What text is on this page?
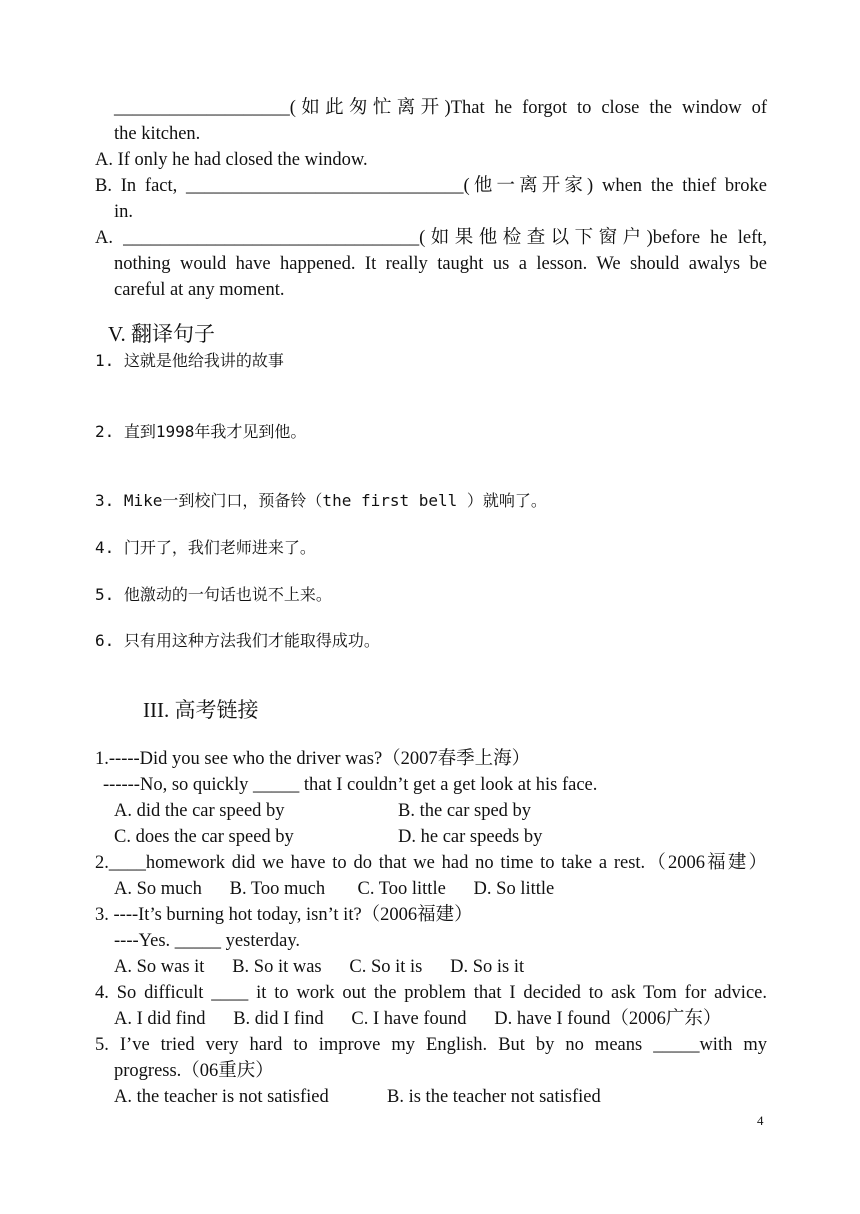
___________________(如此匆忙离开)That he forgot to close the window of
the kitchen.
A. If only he had closed the window.
B. In fact, ______________________________(他一离开家) when the thief broke
in.
A. ________________________________(如果他检查以下窗户)before he left,
nothing would have happened. It really taught us a lesson. We should awalys be
careful at any moment.
V. 翻译句子
1. 这就是他给我讲的故事
2. 直到1998年我才见到他。
3. Mike一到校门口，预备铃（the first bell ）就响了。
4. 门开了，我们老师进来了。
5. 他激动的一句话也说不上来。
6. 只有用这种方法我们才能取得成功。
III. 高考链接
1.-----Did you see who the driver was?（2007春季上海）
------No, so quickly _____ that I couldn’t get a get look at his face.
A. did the car speed by	B. the car sped by
C. does the car speed by	D. he car speeds by
2.____homework did we have to do that we had no time to take a rest.（2006福建）
A. So much      B. Too much       C. Too little      D. So little
3. ----It’s burning hot today, isn’t it?（2006福建）
----Yes. _____ yesterday.
A. So was it      B. So it was      C. So it is      D. So is it
4. So difficult ____ it to work out the problem that I decided to ask Tom for advice.
A. I did find      B. did I find      C. I have found      D. have I found（2006广东）
5. I’ve tried very hard to improve my English. But by no means _____with my
progress.（06重庆）
A. the teacher is not satisfied	B. is the teacher not satisfied
4
